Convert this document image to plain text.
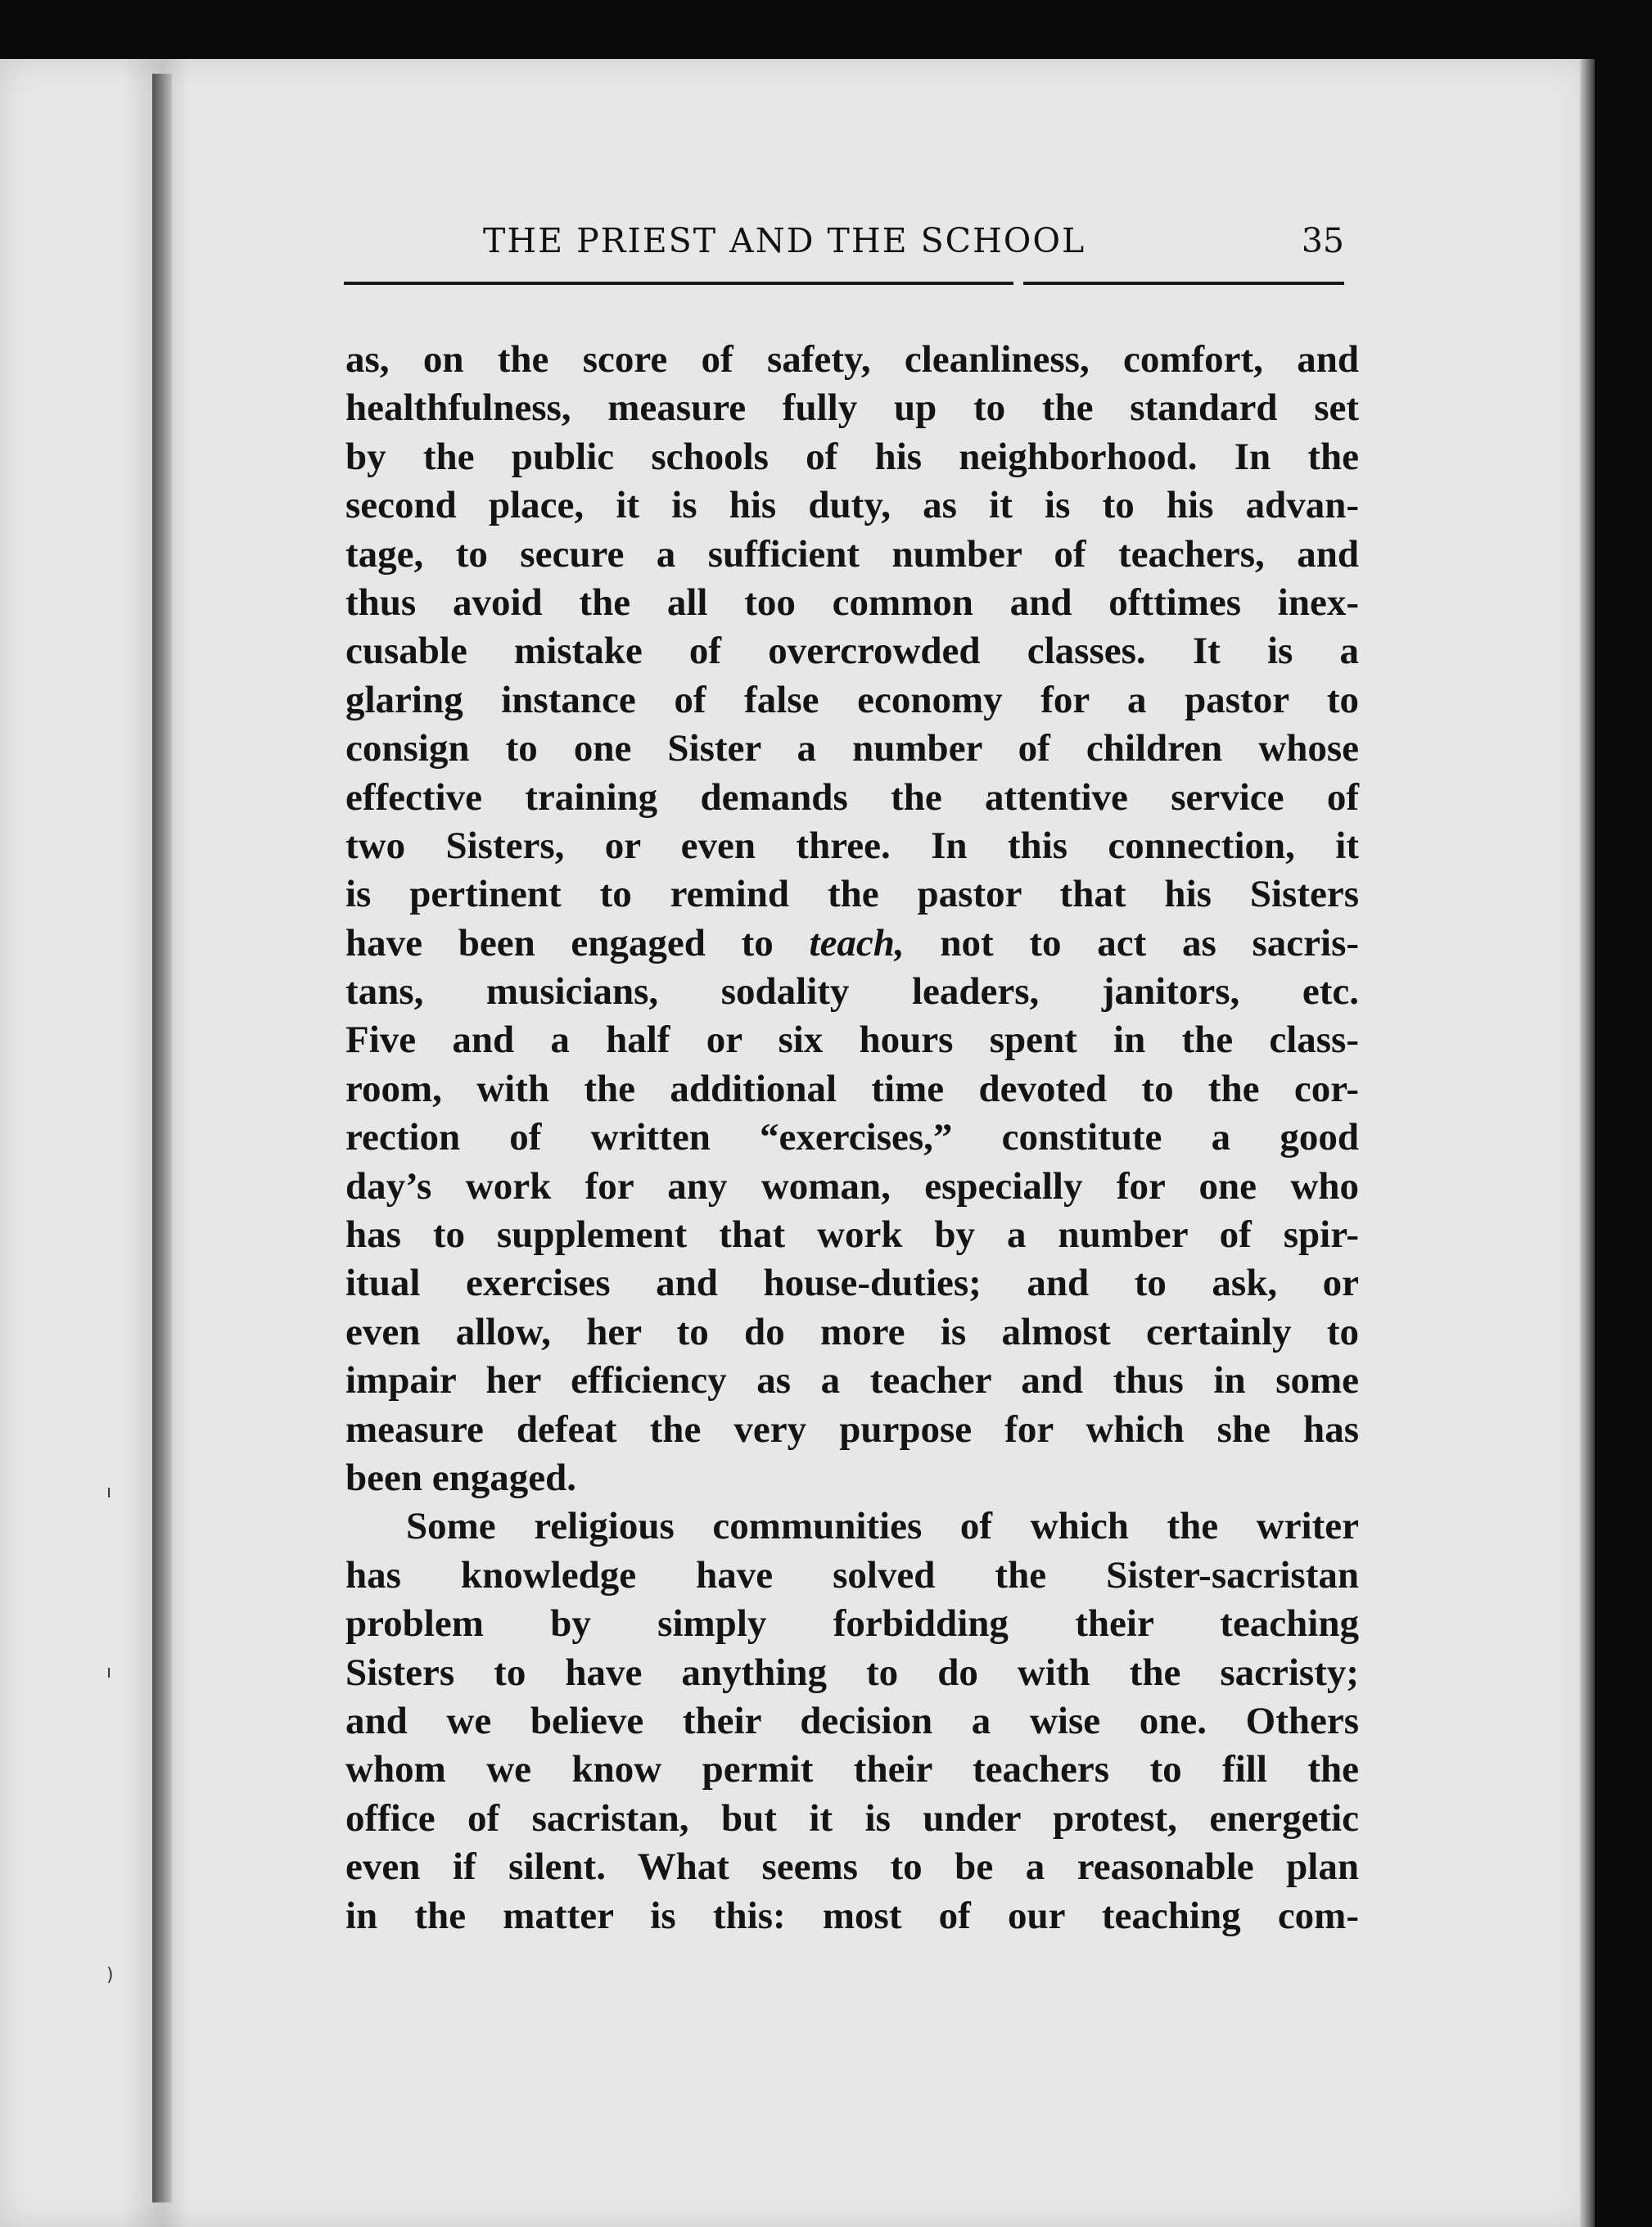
ı
ı
)
THE PRIEST AND THE SCHOOL	35
as, on the score of safety, cleanliness, comfort, and
healthfulness, measure fully up to the standard set
by the public schools of his neighborhood. In the
second place, it is his duty, as it is to his advan-
tage, to secure a sufficient number of teachers, and
thus avoid the all too common and ofttimes inex-
cusable mistake of overcrowded classes. It is a
glaring instance of false economy for a pastor to
consign to one Sister a number of children whose
effective training demands the attentive service of
two Sisters, or even three. In this connection, it
is pertinent to remind the pastor that his Sisters
have been engaged to teach, not to act as sacris-
tans, musicians, sodality leaders, janitors, etc.
Five and a half or six hours spent in the class-
room, with the additional time devoted to the cor-
rection of written “exercises,” constitute a good
day’s work for any woman, especially for one who
has to supplement that work by a number of spir-
itual exercises and house-duties; and to ask, or
even allow, her to do more is almost certainly to
impair her efficiency as a teacher and thus in some
measure defeat the very purpose for which she has
been engaged.
Some religious communities of which the writer
has knowledge have solved the Sister-sacristan
problem by simply forbidding their teaching
Sisters to have anything to do with the sacristy;
and we believe their decision a wise one. Others
whom we know permit their teachers to fill the
office of sacristan, but it is under protest, energetic
even if silent. What seems to be a reasonable plan
in the matter is this: most of our teaching com-
